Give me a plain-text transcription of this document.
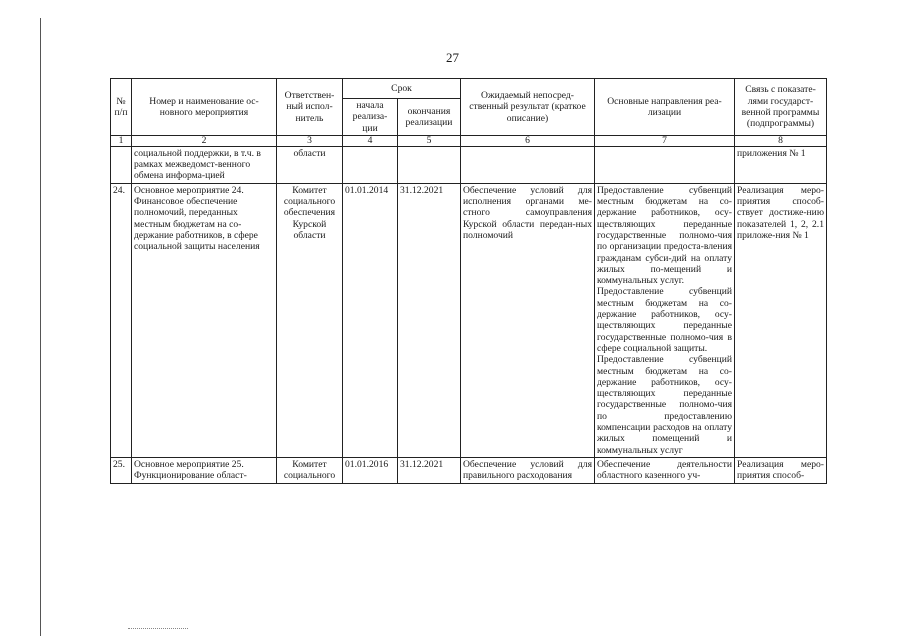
27
№ п/п	Номер и наименование ос-новного мероприятия	Ответствен-ный испол-нитель	Срок		Ожидаемый непосред-ственный результат (краткое описание)	Основные направления реа-лизации	Связь с показате-лями государст-венной программы (подпрограммы)
			начала реализа-ции	окончания реализации			
1	2	3	4	5	6	7	8
	социальной поддержки, в т.ч. в рамках межведомст-венного обмена информа-цией	области					приложения № 1
24.	Основное мероприятие 24. Финансовое обеспечение полномочий, переданных местным бюджетам на со-держание работников, в сфере социальной защиты населения	Комитет социального обеспечения Курской области	01.01.2014	31.12.2021	Обеспечение условий для исполнения органами ме-стного самоуправления Курской области передан-ных полномочий	Предоставление субвенций местным бюджетам на со-держание работников, осу-ществляющих переданные государственные полномо-чия по организации предоста-вления гражданам субси-дий на оплату жилых по-мещений и коммунальных услуг.
Предоставление субвенций местным бюджетам на со-держание работников, осу-ществляющих переданные государственные полномо-чия в сфере социальной защиты.
Предоставление субвенций местным бюджетам на со-держание работников, осу-ществляющих переданные государственные полномо-чия по предоставлению компенсации расходов на оплату жилых помещений и коммунальных услуг	Реализация меро-приятия способ-ствует достиже-нию показателей 1, 2, 2.1 приложе-ния № 1
25.	Основное мероприятие 25. Функционирование област-	Комитет социального	01.01.2016	31.12.2021	Обеспечение условий для правильного расходования	Обеспечение деятельности областного казенного уч-	Реализация меро-приятия способ-
